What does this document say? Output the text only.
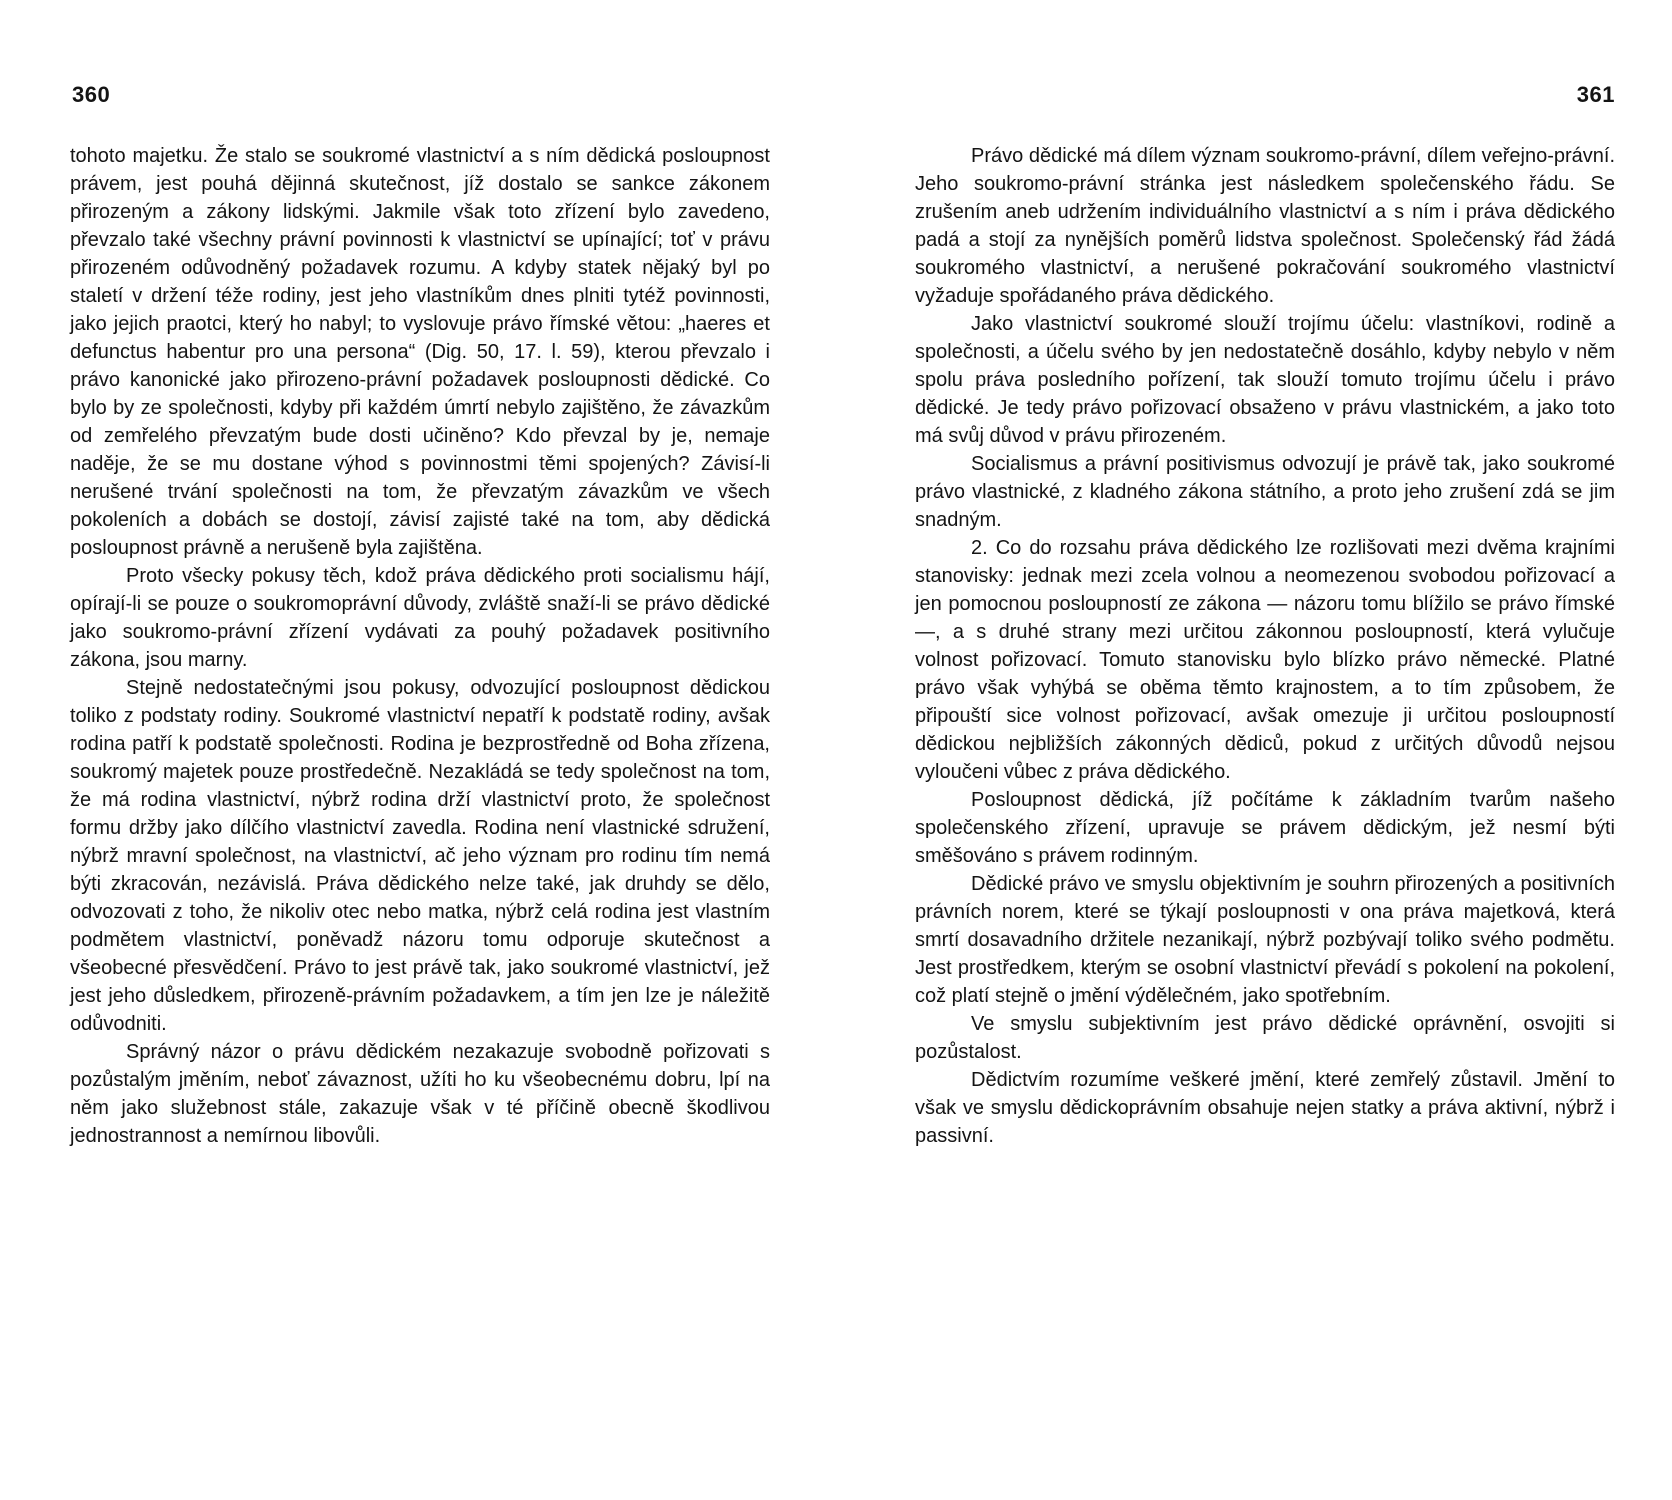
360

tohoto majetku. Že stalo se soukromé vlastnictví a s ním dědická posloupnost právem, jest pouhá dějinná skutečnost, jíž dostalo se sankce zákonem přirozeným a zákony lidskými. Jakmile však toto zřízení bylo zavedeno, převzalo také všechny právní povinnosti k vlastnictví se upínající; toť v právu přirozeném odůvodněný požadavek rozumu. A kdyby statek nějaký byl po staletí v držení téže rodiny, jest jeho vlastníkům dnes plniti tytéž povinnosti, jako jejich praotci, který ho nabyl; to vyslovuje právo římské větou: „haeres et defunctus habentur pro una persona“ (Dig. 50, 17. l. 59), kterou převzalo i právo kanonické jako přirozeno-právní požadavek posloupnosti dědické. Co bylo by ze společnosti, kdyby při každém úmrtí nebylo zajištěno, že závazkům od zemřelého převzatým bude dosti učiněno? Kdo převzal by je, nemaje naděje, že se mu dostane výhod s povinnostmi těmi spojených? Závisí-li nerušené trvání společnosti na tom, že převzatým závazkům ve všech pokoleních a dobách se dostojí, závisí zajisté také na tom, aby dědická posloupnost právně a nerušeně byla zajištěna.

Proto všecky pokusy těch, kdož práva dědického proti socialismu hájí, opírají-li se pouze o soukromoprávní důvody, zvláště snaží-li se právo dědické jako soukromo-právní zřízení vydávati za pouhý požadavek positivního zákona, jsou marny.

Stejně nedostatečnými jsou pokusy, odvozující posloupnost dědickou toliko z podstaty rodiny. Soukromé vlastnictví nepatří k podstatě rodiny, avšak rodina patří k podstatě společnosti. Rodina je bezprostředně od Boha zřízena, soukromý majetek pouze prostředečně. Nezakládá se tedy společnost na tom, že má rodina vlastnictví, nýbrž rodina drží vlastnictví proto, že společnost formu držby jako dílčího vlastnictví zavedla. Rodina není vlastnické sdružení, nýbrž mravní společnost, na vlastnictví, ač jeho význam pro rodinu tím nemá býti zkracován, nezávislá. Práva dědického nelze také, jak druhdy se dělo, odvozovati z toho, že nikoliv otec nebo matka, nýbrž celá rodina jest vlastním podmětem vlastnictví, poněvadž názoru tomu odporuje skutečnost a všeobecné přesvědčení. Právo to jest právě tak, jako soukromé vlastnictví, jež jest jeho důsledkem, přirozeně-právním požadavkem, a tím jen lze je náležitě odůvodniti.

Správný názor o právu dědickém nezakazuje svobodně pořizovati s pozůstalým jměním, neboť závaznost, užíti ho ku všeobecnému dobru, lpí na něm jako služebnost stále, zakazuje však v té příčině obecně škodlivou jednostrannost a nemírnou libovůli.

361

Právo dědické má dílem význam soukromo-právní, dílem veřejno-právní. Jeho soukromo-právní stránka jest následkem společenského řádu. Se zrušením aneb udržením individuálního vlastnictví a s ním i práva dědického padá a stojí za nynějších poměrů lidstva společnost. Společenský řád žádá soukromého vlastnictví, a nerušené pokračování soukromého vlastnictví vyžaduje spořádaného práva dědického.

Jako vlastnictví soukromé slouží trojímu účelu: vlastníkovi, rodině a společnosti, a účelu svého by jen nedostatečně dosáhlo, kdyby nebylo v něm spolu práva posledního pořízení, tak slouží tomuto trojímu účelu i právo dědické. Je tedy právo pořizovací obsaženo v právu vlastnickém, a jako toto má svůj důvod v právu přirozeném.

Socialismus a právní positivismus odvozují je právě tak, jako soukromé právo vlastnické, z kladného zákona státního, a proto jeho zrušení zdá se jim snadným.

2. Co do rozsahu práva dědického lze rozlišovati mezi dvěma krajními stanovisky: jednak mezi zcela volnou a neomezenou svobodou pořizovací a jen pomocnou posloupností ze zákona — názoru tomu blížilo se právo římské —, a s druhé strany mezi určitou zákonnou posloupností, která vylučuje volnost pořizovací. Tomuto stanovisku bylo blízko právo německé. Platné právo však vyhýbá se oběma těmto krajnostem, a to tím způsobem, že připouští sice volnost pořizovací, avšak omezuje ji určitou posloupností dědickou nejbližších zákonných dědiců, pokud z určitých důvodů nejsou vyloučeni vůbec z práva dědického.

Posloupnost dědická, jíž počítáme k základním tvarům našeho společenského zřízení, upravuje se právem dědickým, jež nesmí býti směšováno s právem rodinným.

Dědické právo ve smyslu objektivním je souhrn přirozených a positivních právních norem, které se týkají posloupnosti v ona práva majetková, která smrtí dosavadního držitele nezanikají, nýbrž pozbývají toliko svého podmětu. Jest prostředkem, kterým se osobní vlastnictví převádí s pokolení na pokolení, což platí stejně o jmění výdělečném, jako spotřebním.

Ve smyslu subjektivním jest právo dědické oprávnění, osvojiti si pozůstalost.

Dědictvím rozumíme veškeré jmění, které zemřelý zůstavil. Jmění to však ve smyslu dědickoprávním obsahuje nejen statky a práva aktivní, nýbrž i passivní.
